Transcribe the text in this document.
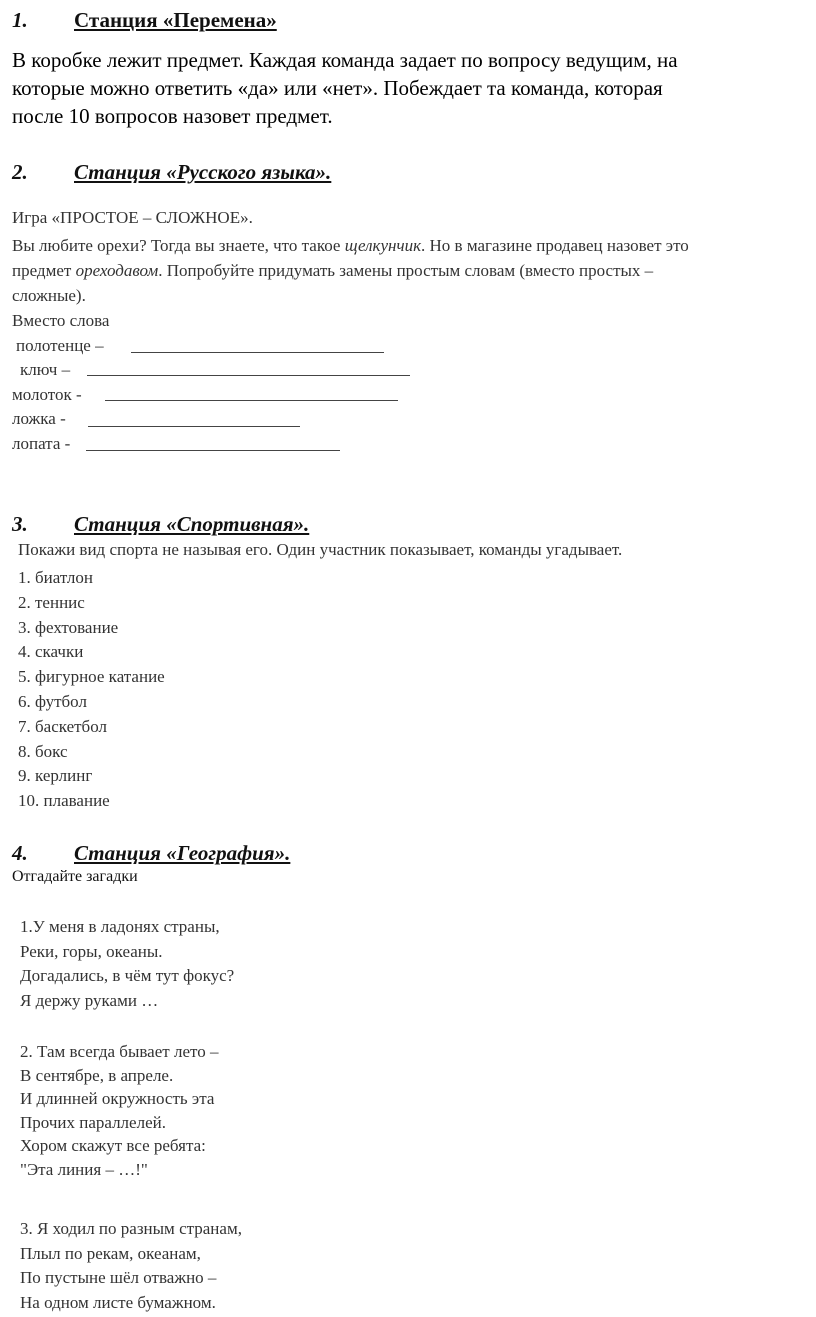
1. Станция «Перемена»
В коробке лежит предмет. Каждая команда задает по вопросу ведущим, на
которые можно ответить «да» или «нет». Побеждает та команда, которая
после 10 вопросов назовет предмет.
2. Станция «Русского языка».
Игра «ПРОСТОЕ – СЛОЖНОЕ».
Вы любите орехи? Тогда вы знаете, что такое щелкунчик. Но в магазине продавец назовет это
предмет ореходавом. Попробуйте придумать замены простым словам (вместо простых –
сложные).
Вместо слова
полотенце –
ключ –
молоток -
ложка -
лопата -
3. Станция «Спортивная».
Покажи вид спорта не называя его. Один участник показывает, команды угадывает.
1. биатлон
2. теннис
3. фехтование
4. скачки
5. фигурное катание
6. футбол
7. баскетбол
8. бокс
9. керлинг
10. плавание
4. Станция «География».
Отгадайте загадки
1.У меня в ладонях страны,
Реки, горы, океаны.
Догадались, в чём тут фокус?
Я держу руками …
2. Там всегда бывает лето –
В сентябре, в апреле.
И длинней окружность эта
Прочих параллелей.
Хором скажут все ребята:
"Эта линия – …!"
3. Я ходил по разным странам,
Плыл по рекам, океанам,
По пустыне шёл отважно –
На одном листе бумажном.
